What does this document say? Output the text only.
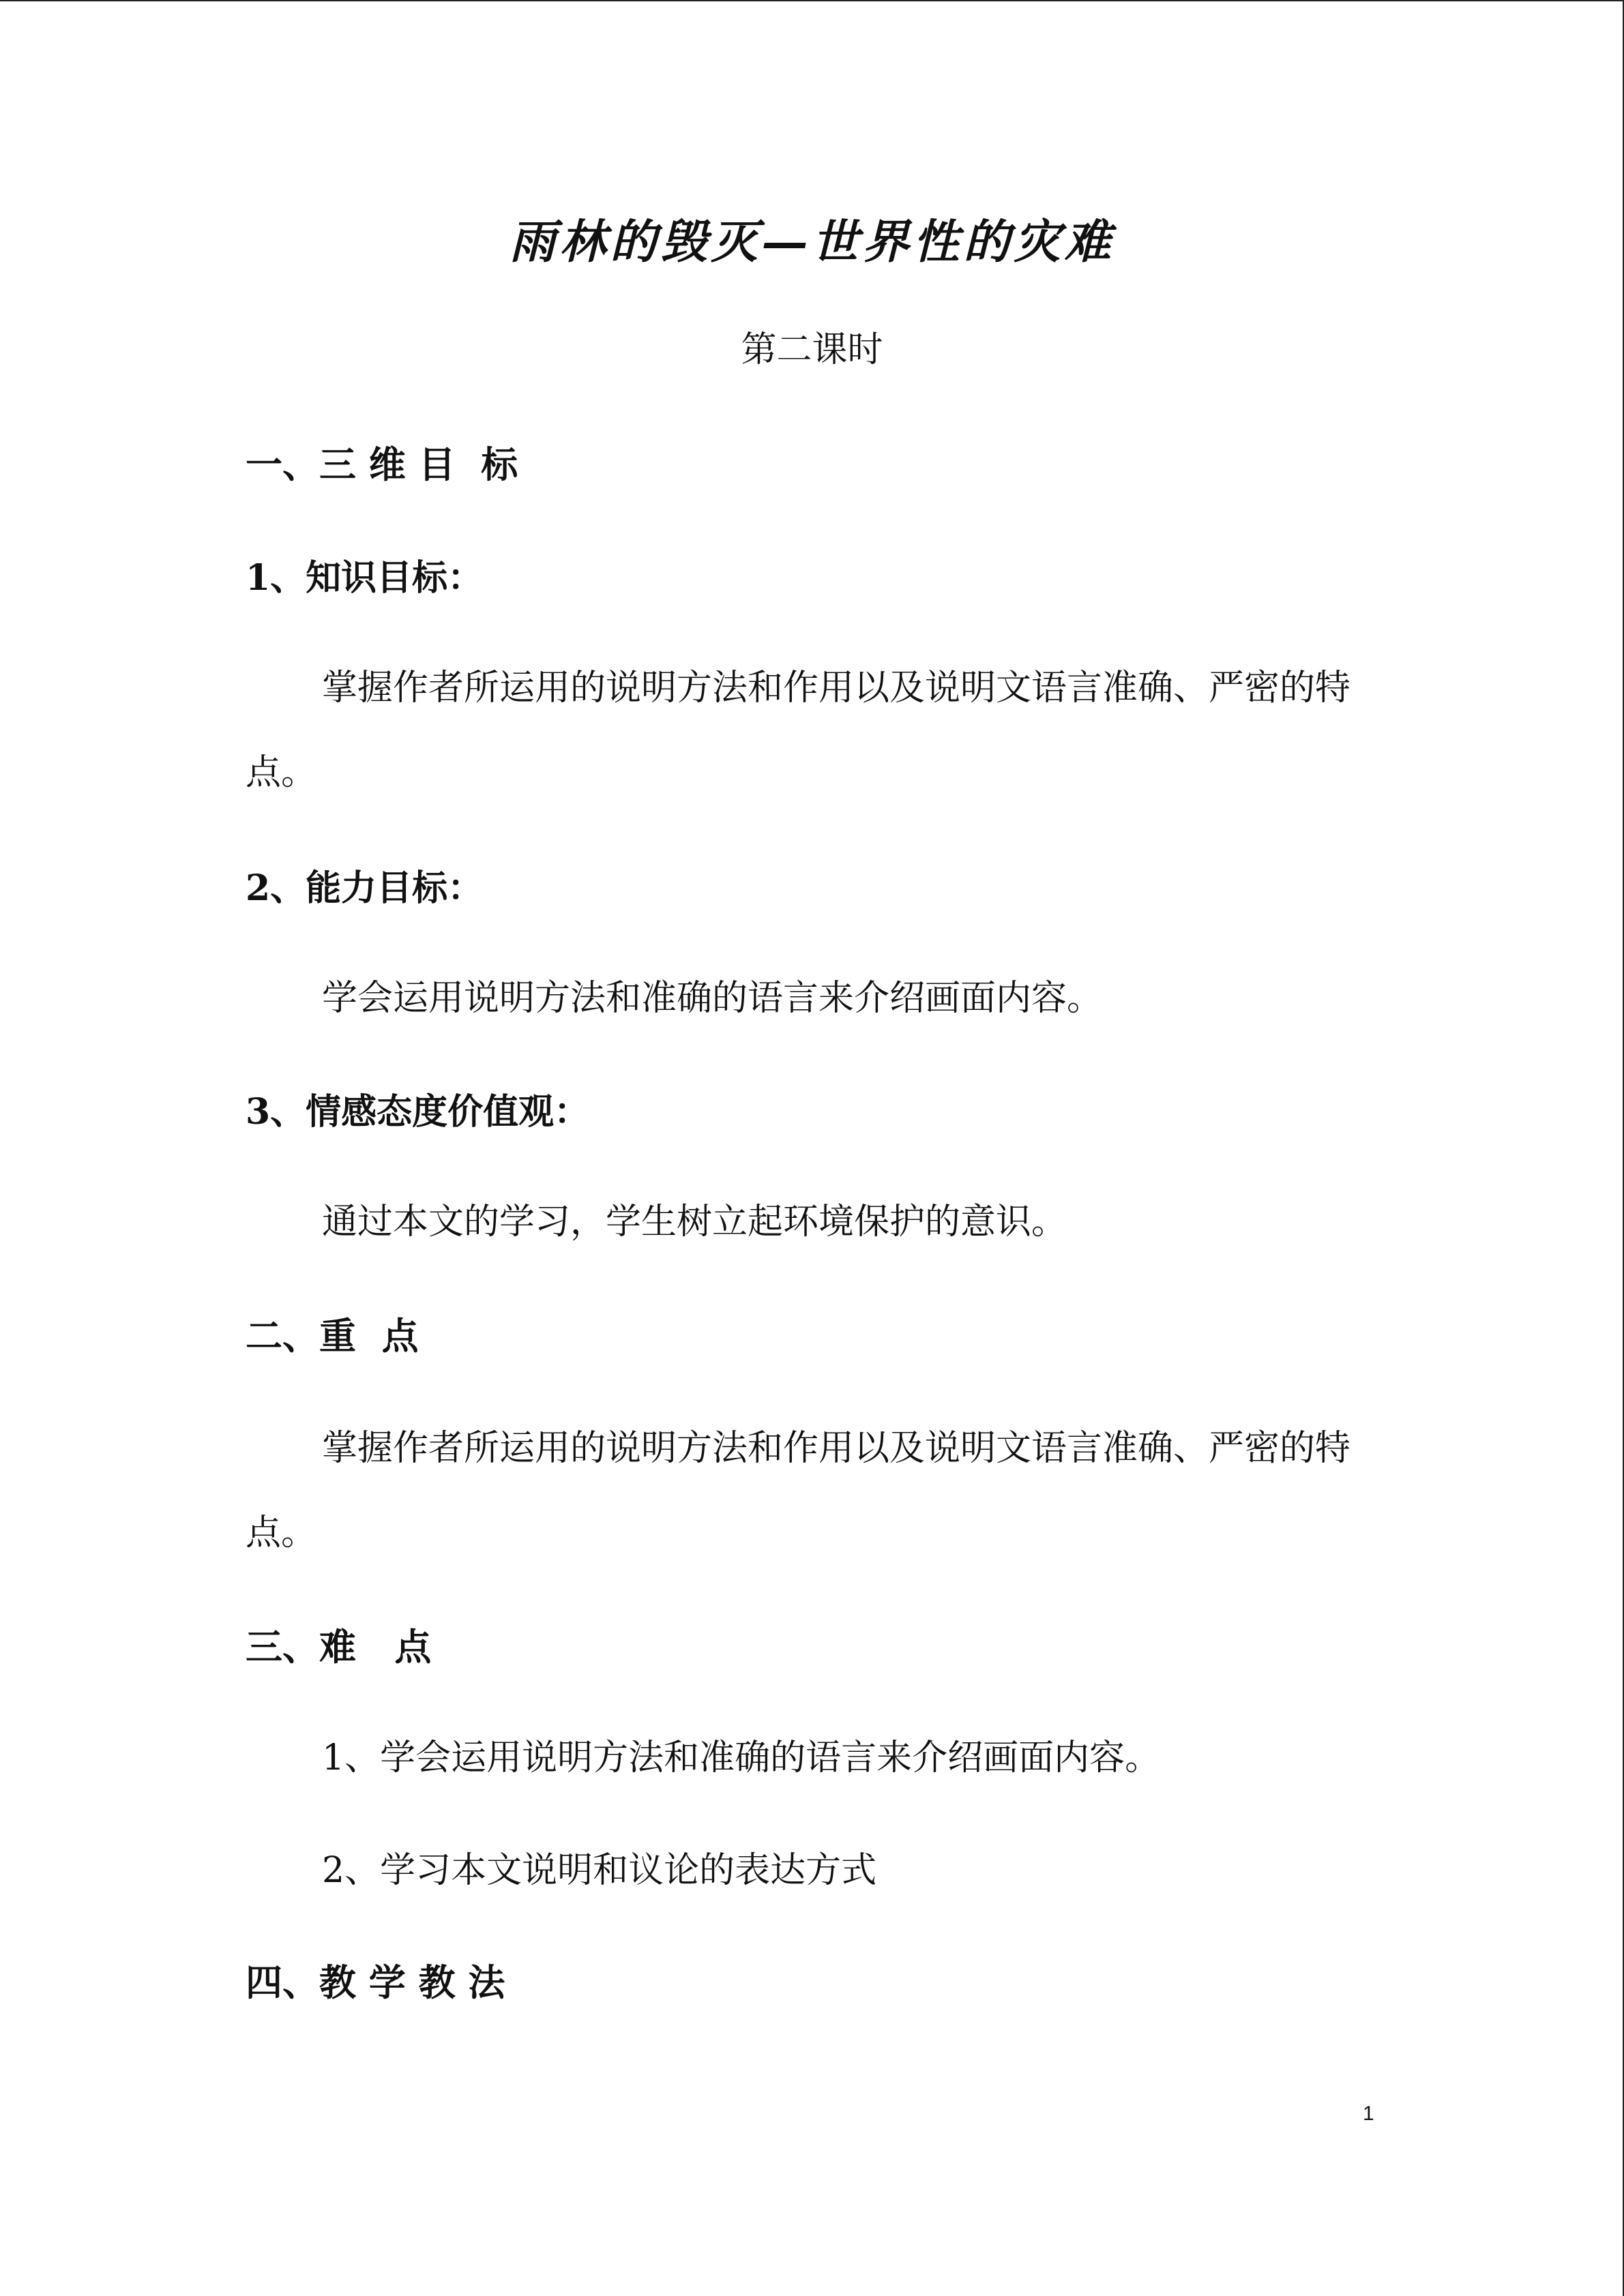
雨林的毁灭—世界性的灾难
第二课时
一、三 维 目  标
1、知识目标：
掌握作者所运用的说明方法和作用以及说明文语言准确、严密的特点。
2、能力目标：
学会运用说明方法和准确的语言来介绍画面内容。
3、情感态度价值观：
通过本文的学习，学生树立起环境保护的意识。
二、重  点
掌握作者所运用的说明方法和作用以及说明文语言准确、严密的特点。
三、难   点
1、学会运用说明方法和准确的语言来介绍画面内容。
2、学习本文说明和议论的表达方式
四、教 学 教 法
1
